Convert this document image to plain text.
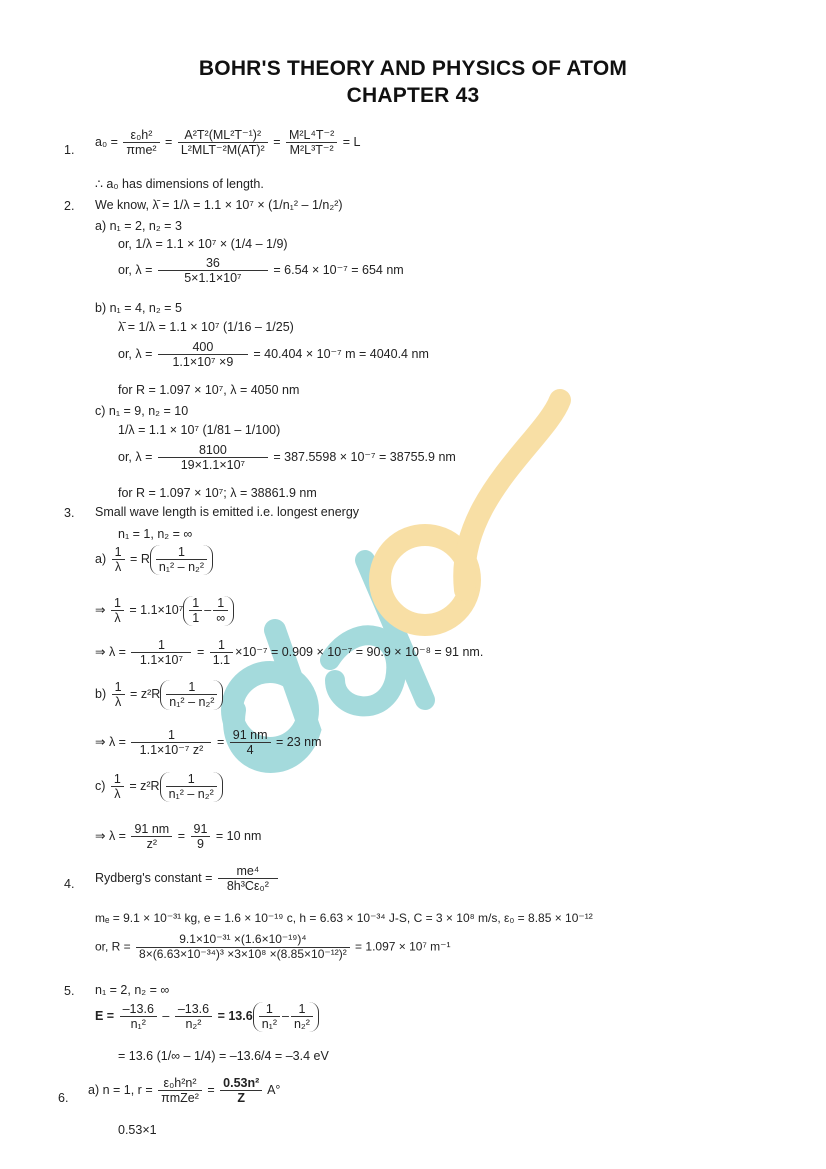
BOHR'S THEORY AND PHYSICS OF ATOM
CHAPTER 43
1.
$a_0 = \frac{\text{ε₀h²}}{\text{πme²}} = \frac{\text{A²T²(ML²T⁻¹)²}}{\text{L²MLT⁻²M(AT)²}} = \frac{\text{M²L⁴T⁻²}}{\text{M²L³T⁻²}} = L$
∴ a₀ has dimensions of length.
2. We know, λ̄ = 1/λ = 1.1 × 10⁷ × (1/n₁² – 1/n₂²)
a) n₁ = 2, n₂ = 3
or, 1/λ = 1.1 × 10⁷ × (1/4 – 1/9)
or, $\lambda = \frac{36}{\text{5×1.1×10⁷}} = 6.54 \times 10^{-7} = 654$ nm
b) n₁ = 4, n₂ = 5
λ̄ = 1/λ = 1.1 × 10⁷ (1/16 – 1/25)
or, $\lambda = \frac{400}{\text{1.1×10⁷ ×9}} = 40.404 \times 10^{-7}$ m = 4040.4 nm
for R = 1.097 × 10⁷, λ = 4050 nm
c) n₁ = 9, n₂ = 10
1/λ = 1.1 × 10⁷ (1/81 – 1/100)
or, $\lambda = \frac{8100}{\text{19×1.1×10⁷}} = 387.5598 \times 10^{-7} = 38755.9$ nm
for R = 1.097 × 10⁷; λ = 38861.9 nm
3. Small wave length is emitted i.e. longest energy
n₁ = 1, n₂ = ∞
$a) \frac{1}{\lambda} = R \frac{1}{\text{n₁² – n₂²}}$
⇒ $\frac{1}{\lambda} = 1.1\times 10^7 \frac{1}{1} - \frac{1}{\infty}$
⇒ $\lambda = \frac{1}{\text{1.1×10⁷}} = \frac{1}{1.1} \times 10^{-7} = 0.909 \times 10^{-7} = 90.9 \times 10^{-8} = 91$ nm.
$b) \frac{1}{\lambda} = z^2R \frac{1}{\text{n₁² – n₂²}}$
⇒ $\lambda = \frac{1}{\text{1.1×10⁻⁷ z²}} = \frac{91 nm}{4} = 23$ nm
$c) \frac{1}{\lambda} = z^2R \frac{1}{\text{n₁² – n₂²}}$
⇒ $\lambda = \frac{91 nm}{\text{z²}} = \frac{91}{9} = 10$ nm
4. Rydberg's constant = $\frac{\text{me⁴}}{\text{8h³Cε₀²}}$
mₑ = 9.1 × 10⁻³¹ kg, e = 1.6 × 10⁻¹⁹ c, h = 6.63 × 10⁻³⁴ J-S, C = 3 × 10⁸ m/s, ε₀ = 8.85 × 10⁻¹²
or, $R = \frac{\text{9.1×10⁻³¹ ×(1.6×10⁻¹⁹)⁴}}{\text{8×(6.63×10⁻³⁴)³ ×3×10⁸ ×(8.85×10⁻¹²)²}} = 1.097 \times 10^7$ m⁻¹
5. n₁ = 2, n₂ = ∞
$E = \frac{-13.6}{\text{n₁²}} - \frac{-13.6}{\text{n₂²}} = 13.6 \frac{1}{\text{n₁²}} - \frac{1}{\text{n₂²}}$
= 13.6 (1/∞ – 1/4) = –13.6/4 = –3.4 eV
6.
a) n = 1, $r = \frac{\text{ε₀h²n²}}{\text{πmZe²}} = \frac{\text{0.53n²}}{Z} A^\circ$
0.53×1
